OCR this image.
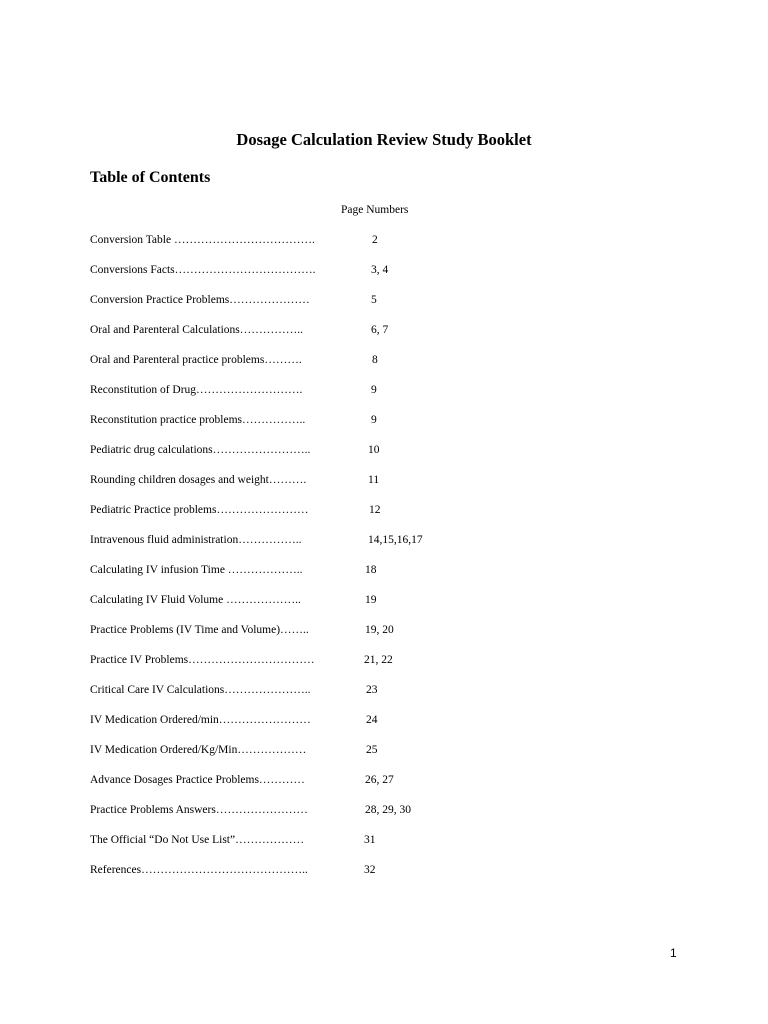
Dosage Calculation Review Study Booklet
Table of Contents
Page Numbers
Conversion Table ……………………………….	2
Conversions Facts……………………………….	3, 4
Conversion Practice Problems…………………	5
Oral and Parenteral Calculations……………..	6, 7
Oral and Parenteral practice problems……….	8
Reconstitution of Drug……………………….	9
Reconstitution practice problems……………..	9
Pediatric drug calculations……………………..	10
Rounding children dosages and weight……….	11
Pediatric Practice problems……………………	12
Intravenous fluid administration……………..	14,15,16,17
Calculating IV infusion Time ………………..	18
Calculating IV Fluid Volume ………………..	19
Practice Problems (IV Time and Volume)……..	19, 20
Practice IV Problems……………………………	21, 22
Critical Care IV Calculations…………………..	23
IV Medication Ordered/min……………………	24
IV Medication Ordered/Kg/Min………………	25
Advance Dosages Practice Problems…………	26, 27
Practice Problems Answers……………………	28, 29, 30
The Official “Do Not Use List”………………	31
References……………………………………..	32
1
